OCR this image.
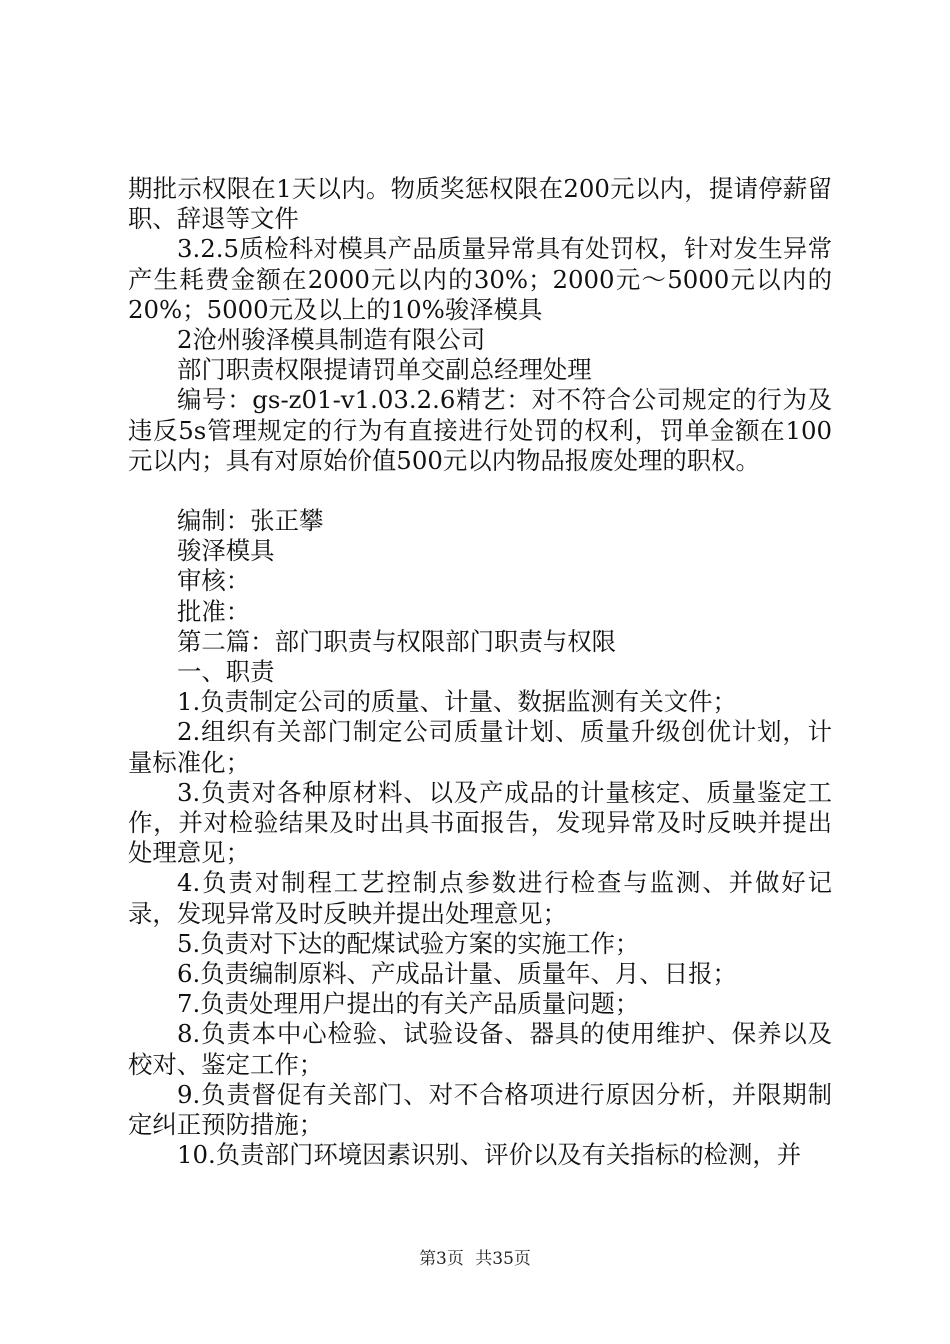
期批示权限在1天以内。物质奖惩权限在200元以内，提请停薪留职、辞退等文件

3.2.5质检科对模具产品质量异常具有处罚权，针对发生异常产生耗费金额在2000元以内的30%；2000元～5000元以内的20%；5000元及以上的10%骏泽模具

2沧州骏泽模具制造有限公司

部门职责权限提请罚单交副总经理处理

编号：gs-z01-v1.03.2.6精艺：对不符合公司规定的行为及违反5s管理规定的行为有直接进行处罚的权利，罚单金额在100元以内；具有对原始价值500元以内物品报废处理的职权。

编制：张正攀

骏泽模具

审核：

批准：

第二篇：部门职责与权限部门职责与权限

一、职责

1.负责制定公司的质量、计量、数据监测有关文件；

2.组织有关部门制定公司质量计划、质量升级创优计划，计量标准化；

3.负责对各种原材料、以及产成品的计量核定、质量鉴定工作，并对检验结果及时出具书面报告，发现异常及时反映并提出处理意见；

4.负责对制程工艺控制点参数进行检查与监测、并做好记录，发现异常及时反映并提出处理意见；

5.负责对下达的配煤试验方案的实施工作；

6.负责编制原料、产成品计量、质量年、月、日报；

7.负责处理用户提出的有关产品质量问题；

8.负责本中心检验、试验设备、器具的使用维护、保养以及校对、鉴定工作；

9.负责督促有关部门、对不合格项进行原因分析，并限期制定纠正预防措施；

10.负责部门环境因素识别、评价以及有关指标的检测，并

第3页 共35页
